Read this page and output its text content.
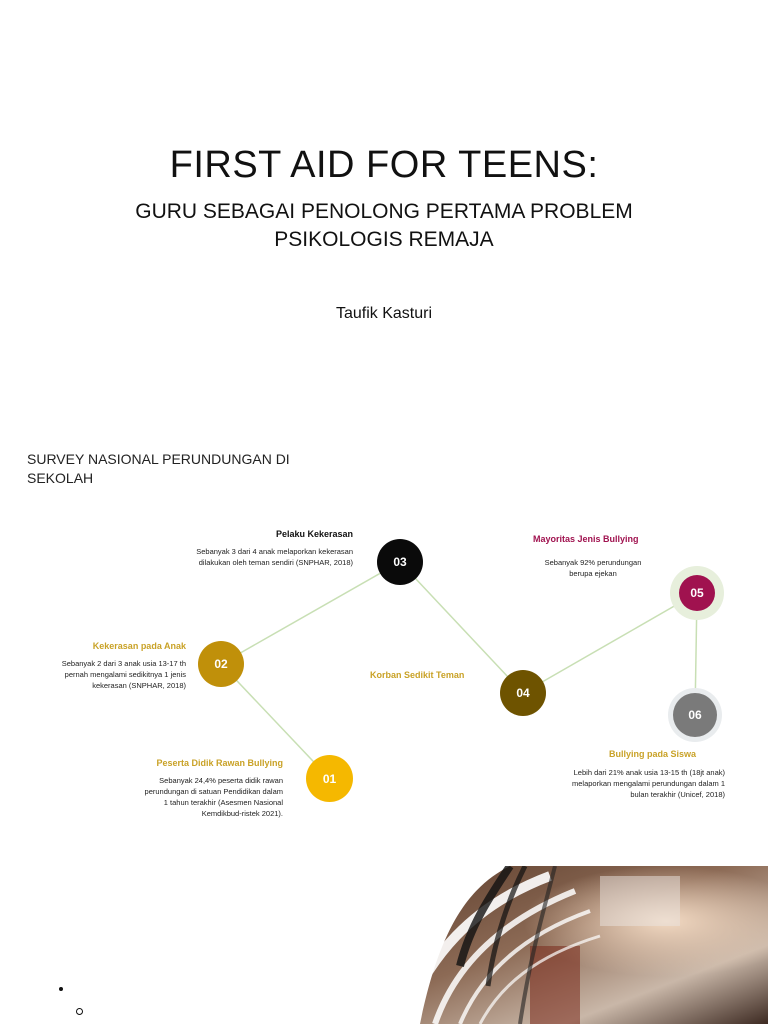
FIRST AID FOR TEENS:
GURU SEBAGAI PENOLONG PERTAMA PROBLEM PSIKOLOGIS REMAJA
Taufik Kasturi
SURVEY NASIONAL PERUNDUNGAN DI SEKOLAH
01
02
03
04
05
06
Peserta Didik Rawan Bullying
Sebanyak 24,4% peserta didik rawan perundungan di satuan Pendidikan dalam 1 tahun terakhir (Asesmen Nasional Kemdikbud-ristek 2021).
Kekerasan pada Anak
Sebanyak 2 dari 3 anak usia 13-17 th pernah mengalami sedikitnya 1 jenis kekerasan (SNPHAR, 2018)
Pelaku Kekerasan
Sebanyak 3 dari 4 anak melaporkan kekerasan dilakukan oleh teman sendiri (SNPHAR, 2018)
Korban Sedikit Teman
Mayoritas Jenis Bullying
Sebanyak 92% perundungan berupa ejekan
Bullying pada Siswa
Lebih dari 21% anak usia 13-15 th (18jt anak) melaporkan mengalami perundungan dalam 1 bulan terakhir (Unicef, 2018)
